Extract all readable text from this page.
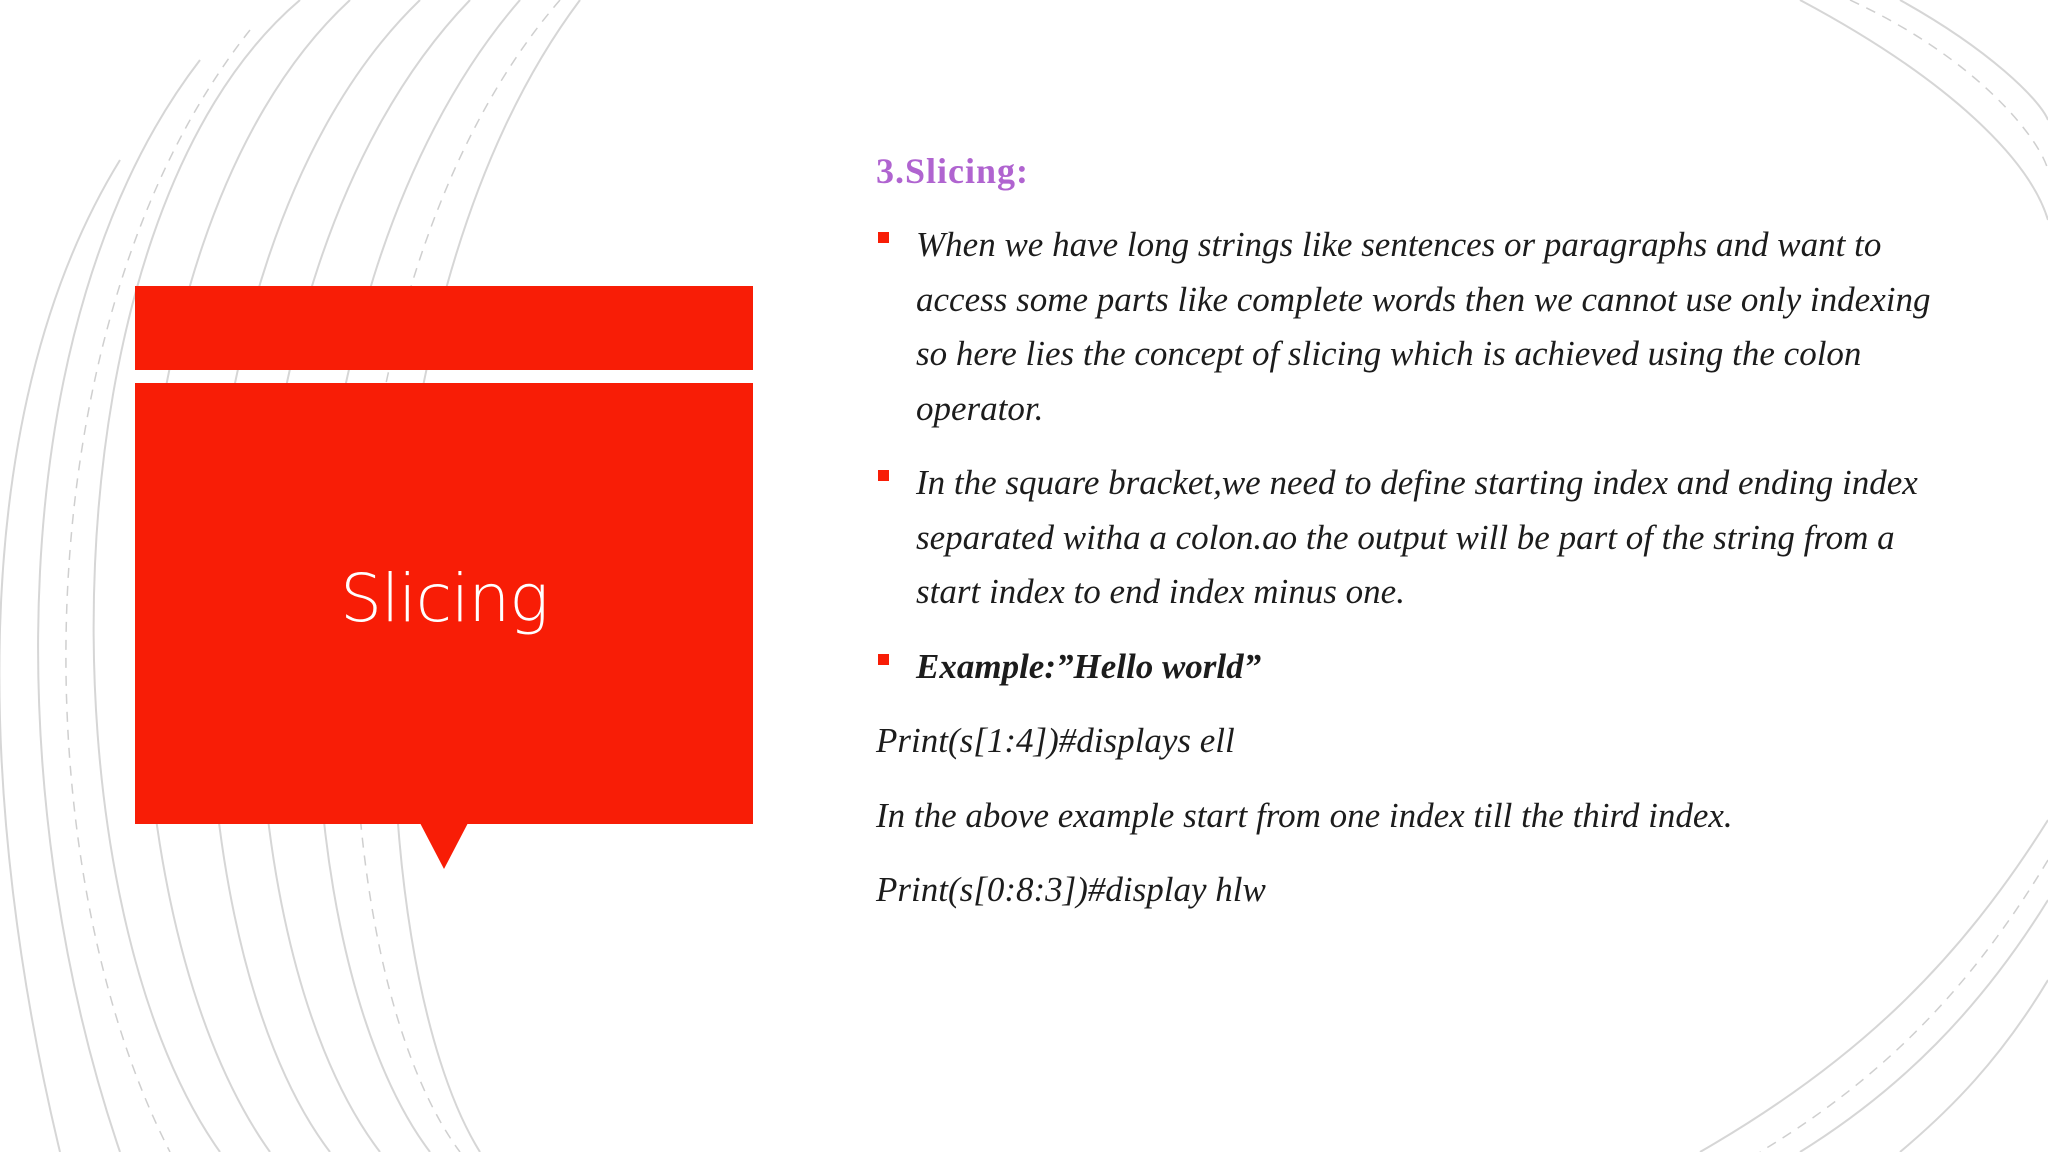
Slicing
3.Slicing:

When we have long strings like sentences or paragraphs and want to access some parts like complete words then we cannot use only indexing so here lies the concept of slicing which is achieved using the colon operator.

In the square bracket,we need to define starting index and ending index separated witha a colon.ao the output will be part of the string from a start index to end index minus one.

Example:”Hello world”

Print(s[1:4])#displays ell

In the above example start from one index till the third index.

Print(s[0:8:3])#display hlw
